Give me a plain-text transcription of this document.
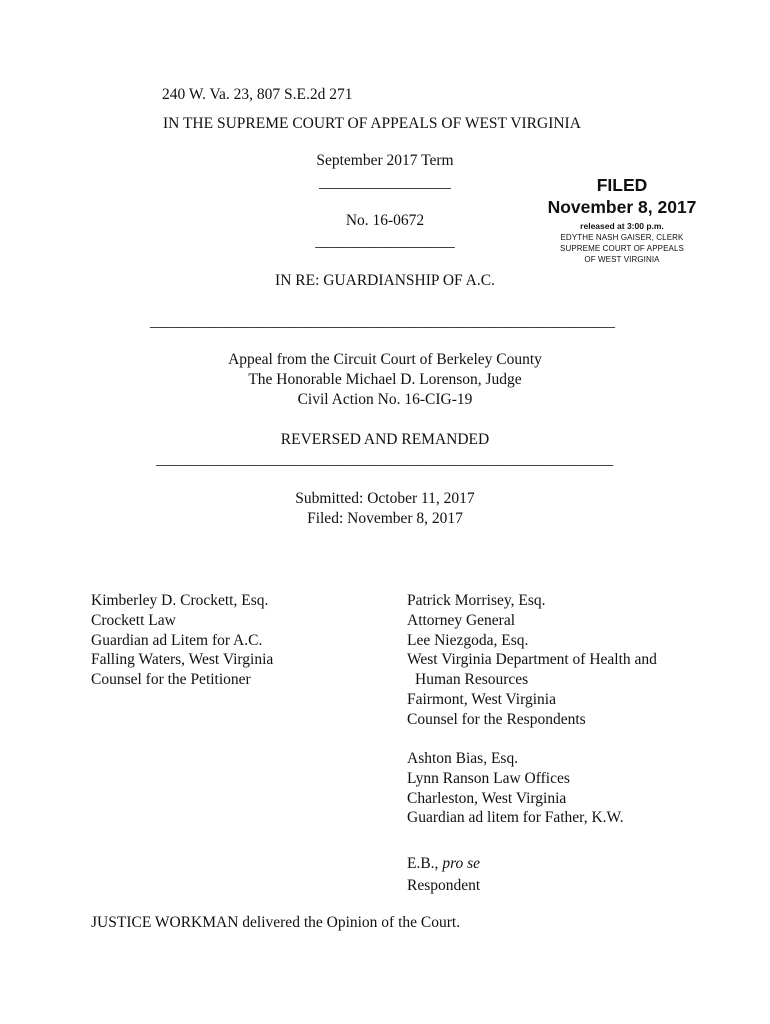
240 W. Va. 23, 807 S.E.2d 271
IN THE SUPREME COURT OF APPEALS OF WEST VIRGINIA
September 2017 Term
_________________
No. 16-0672
__________________
FILED
November 8, 2017
released at 3:00 p.m.
EDYTHE NASH GAISER, CLERK
SUPREME COURT OF APPEALS
OF WEST VIRGINIA
IN RE: GUARDIANSHIP OF A.C.
____________________________________________________________
Appeal from the Circuit Court of Berkeley County
The Honorable Michael D. Lorenson, Judge
Civil Action No. 16-CIG-19
REVERSED AND REMANDED
___________________________________________________________
Submitted: October 11, 2017
Filed: November 8, 2017
Kimberley D. Crockett, Esq.
Crockett Law
Guardian ad Litem for A.C.
Falling Waters, West Virginia
Counsel for the Petitioner
Patrick Morrisey, Esq.
Attorney General
Lee Niezgoda, Esq.
West Virginia Department of Health and
Human Resources
Fairmont, West Virginia
Counsel for the Respondents
Ashton Bias, Esq.
Lynn Ranson Law Offices
Charleston, West Virginia
Guardian ad litem for Father, K.W.
E.B., pro se
Respondent
JUSTICE WORKMAN delivered the Opinion of the Court.
